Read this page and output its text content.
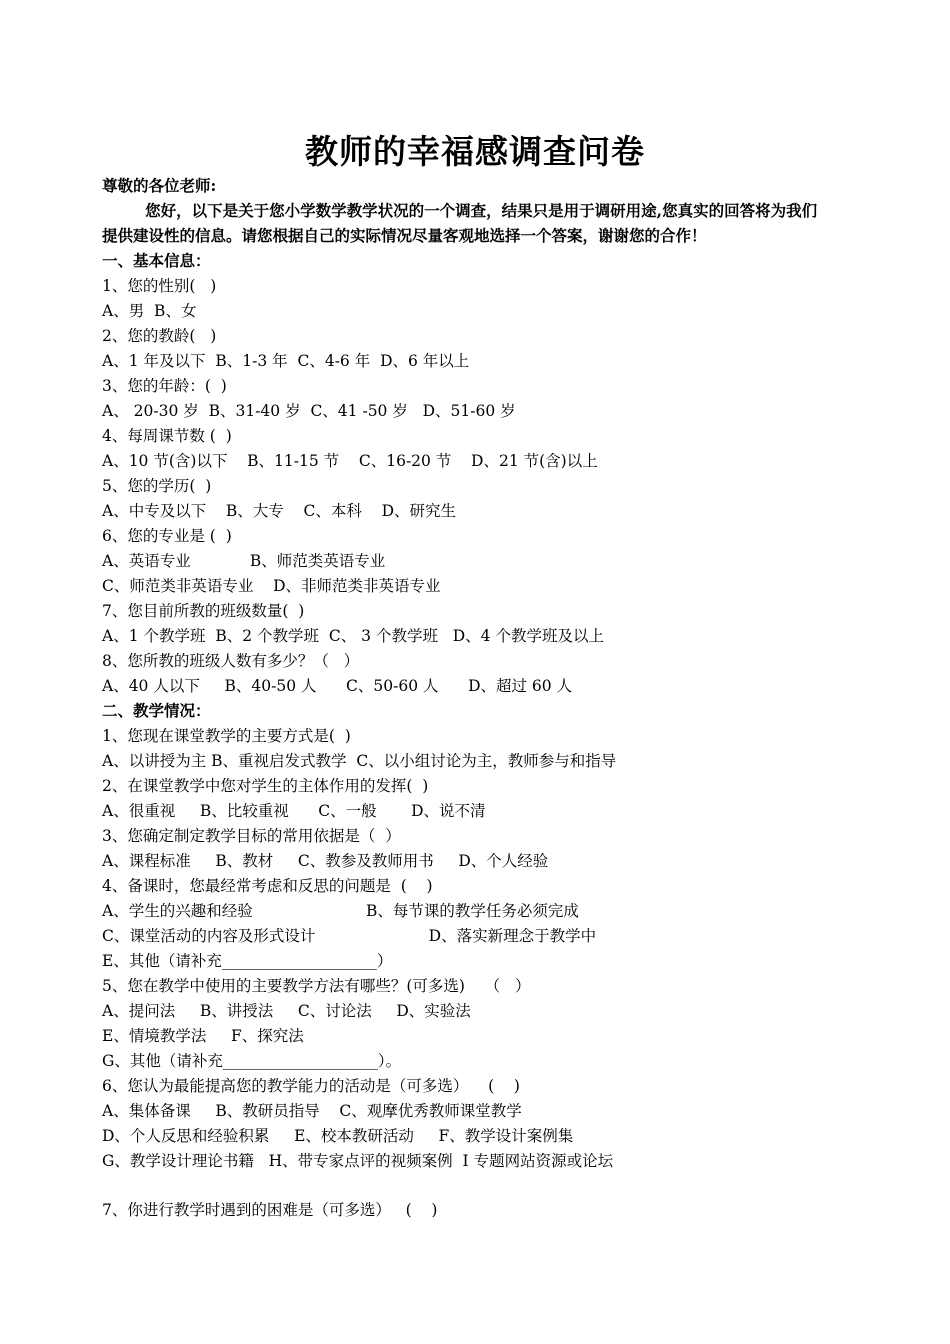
教师的幸福感调查问卷
尊敬的各位老师:
您好，以下是关于您小学数学教学状况的一个调查，结果只是用于调研用途,您真实的回答将为我们
提供建设性的信息。请您根据自己的实际情况尽量客观地选择一个答案，谢谢您的合作！
一、基本信息：
1、您的性别(   )
A、男  B、女
2、您的教龄(   )
A、1 年及以下  B、1-3 年  C、4-6 年  D、6 年以上
3、您的年龄：(  )
A、 20-30 岁  B、31-40 岁  C、41 -50 岁   D、51-60 岁
4、每周课节数 (  )
A、10 节(含)以下    B、11-15 节    C、16-20 节    D、21 节(含)以上
5、您的学历(  )
A、中专及以下    B、大专    C、本科    D、研究生
6、您的专业是 (  )
A、英语专业            B、师范类英语专业
C、师范类非英语专业    D、非师范类非英语专业
7、您目前所教的班级数量(  )
A、1 个教学班  B、2 个教学班  C、 3 个教学班   D、4 个教学班及以上
8、您所教的班级人数有多少？（   ）
A、40 人以下     B、40-50 人      C、50-60 人      D、超过 60 人
二、教学情况：
1、您现在课堂教学的主要方式是(  )
A、以讲授为主 B、重视启发式教学  C、以小组讨论为主，教师参与和指导
2、在课堂教学中您对学生的主体作用的发挥(  )
A、很重视     B、比较重视      C、一般       D、说不清
3、您确定制定教学目标的常用依据是（  ）
A、课程标准     B、教材     C、教参及教师用书     D、个人经验
4、备课时，您最经常考虑和反思的问题是  (    )
A、学生的兴趣和经验                       B、每节课的教学任务必须完成
C、课堂活动的内容及形式设计                       D、落实新理念于教学中
E、其他（请补充____________________）
5、您在教学中使用的主要教学方法有哪些？(可多选)    （   ）
A、提问法     B、讲授法     C、讨论法     D、实验法
E、情境教学法     F、探究法
G、其他（请补充____________________）。
6、您认为最能提高您的教学能力的活动是（可多选）    (    )
A、集体备课     B、教研员指导    C、观摩优秀教师课堂教学
D、个人反思和经验积累     E、校本教研活动     F、教学设计案例集
G、教学设计理论书籍   H、带专家点评的视频案例  I 专题网站资源或论坛
7、你进行教学时遇到的困难是（可多选）   (    )
